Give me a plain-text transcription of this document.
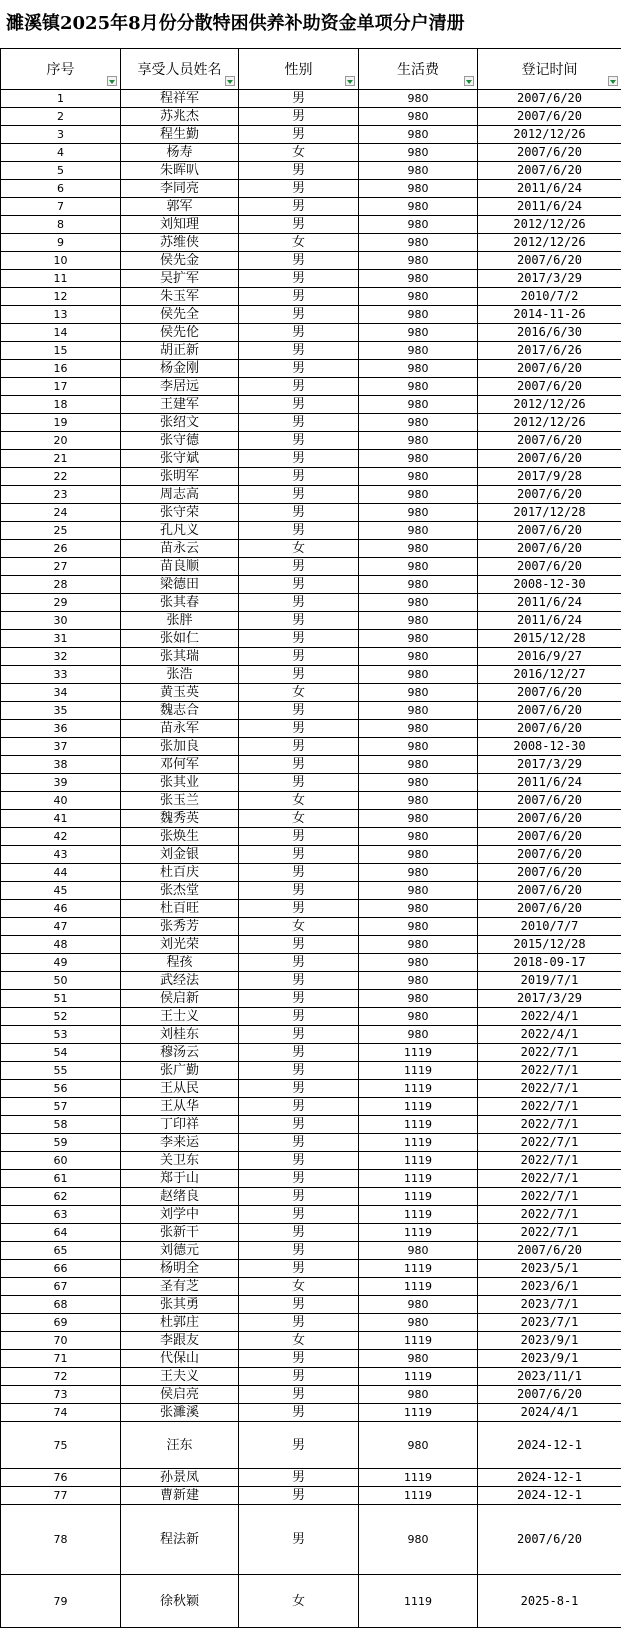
濉溪镇2025年8月份分散特困供养补助资金单项分户清册
序号	享受人员姓名	性别	生活费	登记时间

1	程祥军	男	980	2007/6/20
2	苏兆杰	男	980	2007/6/20
3	程生勤	男	980	2012/12/26
4	杨寿	女	980	2007/6/20
5	朱晖叭	男	980	2007/6/20
6	李同亮	男	980	2011/6/24
7	郭军	男	980	2011/6/24
8	刘知理	男	980	2012/12/26
9	苏维侠	女	980	2012/12/26
10	侯先金	男	980	2007/6/20
11	吴扩军	男	980	2017/3/29
12	朱玉军	男	980	2010/7/2
13	侯先全	男	980	2014-11-26
14	侯先伦	男	980	2016/6/30
15	胡正新	男	980	2017/6/26
16	杨金刚	男	980	2007/6/20
17	李居远	男	980	2007/6/20
18	王建军	男	980	2012/12/26
19	张绍文	男	980	2012/12/26
20	张守德	男	980	2007/6/20
21	张守斌	男	980	2007/6/20
22	张明军	男	980	2017/9/28
23	周志高	男	980	2007/6/20
24	张守荣	男	980	2017/12/28
25	孔凡义	男	980	2007/6/20
26	苗永云	女	980	2007/6/20
27	苗良顺	男	980	2007/6/20
28	梁德田	男	980	2008-12-30
29	张其春	男	980	2011/6/24
30	张胖	男	980	2011/6/24
31	张如仁	男	980	2015/12/28
32	张其瑞	男	980	2016/9/27
33	张浩	男	980	2016/12/27
34	黄玉英	女	980	2007/6/20
35	魏志合	男	980	2007/6/20
36	苗永军	男	980	2007/6/20
37	张加良	男	980	2008-12-30
38	邓何军	男	980	2017/3/29
39	张其业	男	980	2011/6/24
40	张玉兰	女	980	2007/6/20
41	魏秀英	女	980	2007/6/20
42	张焕生	男	980	2007/6/20
43	刘金银	男	980	2007/6/20
44	杜百庆	男	980	2007/6/20
45	张杰堂	男	980	2007/6/20
46	杜百旺	男	980	2007/6/20
47	张秀芳	女	980	2010/7/7
48	刘光荣	男	980	2015/12/28
49	程孩	男	980	2018-09-17
50	武经法	男	980	2019/7/1
51	侯启新	男	980	2017/3/29
52	王士义	男	980	2022/4/1
53	刘桂东	男	980	2022/4/1
54	穆汤云	男	1119	2022/7/1
55	张广勤	男	1119	2022/7/1
56	王从民	男	1119	2022/7/1
57	王从华	男	1119	2022/7/1
58	丁印祥	男	1119	2022/7/1
59	李来运	男	1119	2022/7/1
60	关卫东	男	1119	2022/7/1
61	郑于山	男	1119	2022/7/1
62	赵绪良	男	1119	2022/7/1
63	刘学中	男	1119	2022/7/1
64	张新干	男	1119	2022/7/1
65	刘德元	男	980	2007/6/20
66	杨明全	男	1119	2023/5/1
67	圣有芝	女	1119	2023/6/1
68	张其勇	男	980	2023/7/1
69	杜郭庄	男	980	2023/7/1
70	李跟友	女	1119	2023/9/1
71	代保山	男	980	2023/9/1
72	王夫义	男	1119	2023/11/1
73	侯启亮	男	980	2007/6/20
74	张濉溪	男	1119	2024/4/1
75	汪东	男	980	2024-12-1
76	孙景凤	男	1119	2024-12-1
77	曹新建	男	1119	2024-12-1
78	程法新	男	980	2007/6/20
79	徐秋颖	女	1119	2025-8-1
